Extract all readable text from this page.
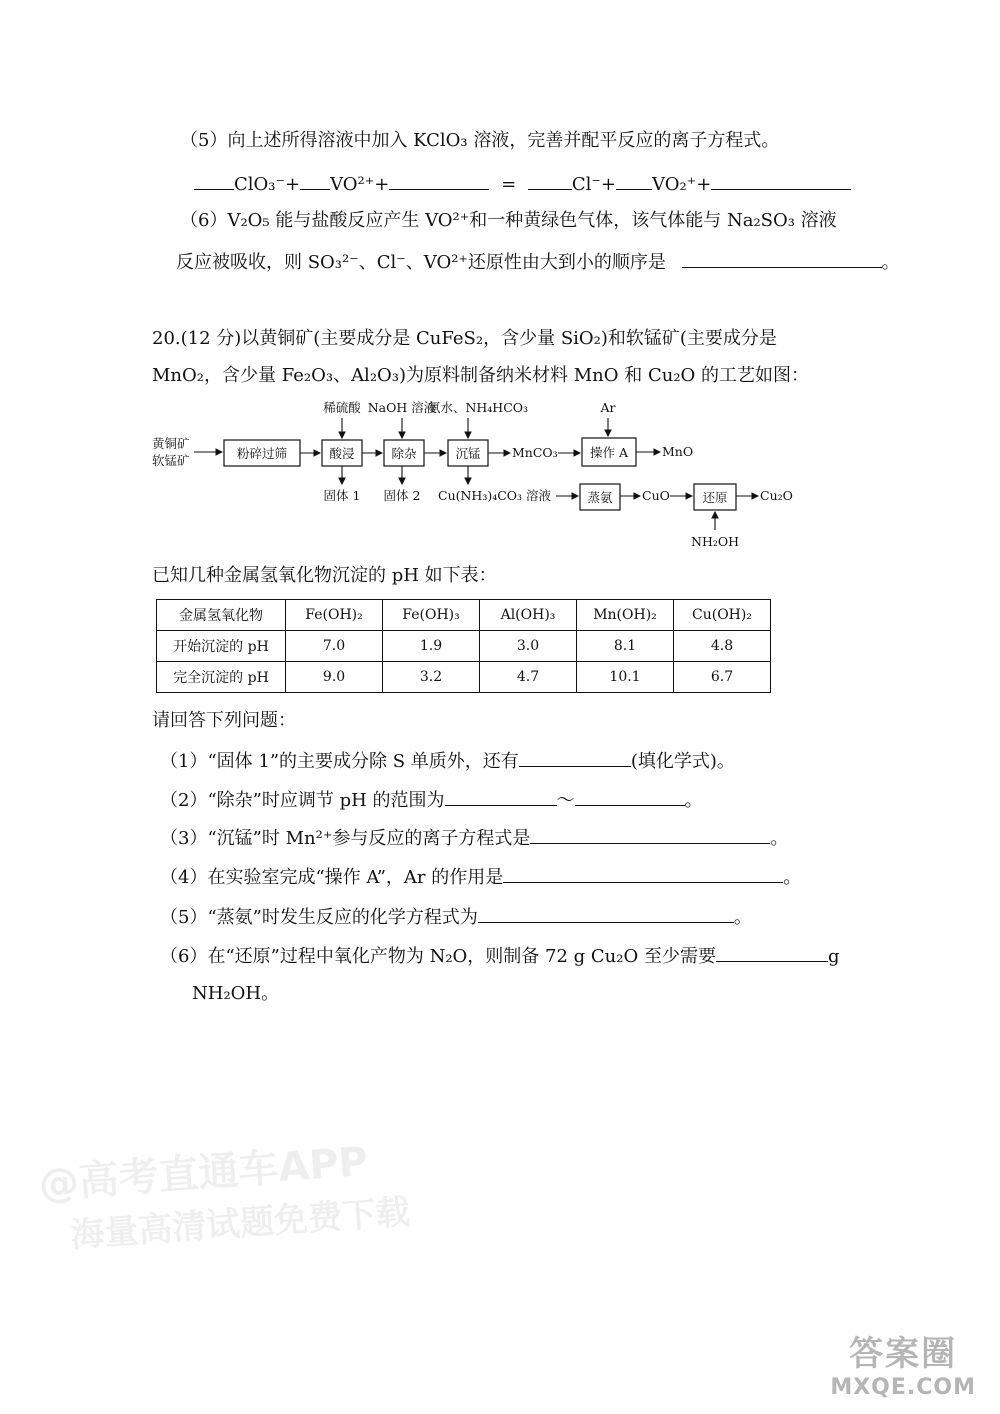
（5）向上述所得溶液中加入 KClO₃ 溶液，完善并配平反应的离子方程式。
ClO₃⁻+ VO²⁺+	=	Cl⁻+ VO₂⁺+
（6）V₂O₅ 能与盐酸反应产生 VO²⁺和一种黄绿色气体，该气体能与 Na₂SO₃ 溶液
反应被吸收，则 SO₃²⁻、Cl⁻、VO²⁺还原性由大到小的顺序是	。
20.(12 分)以黄铜矿(主要成分是 CuFeS₂，含少量 SiO₂)和软锰矿(主要成分是
MnO₂，含少量 Fe₂O₃、Al₂O₃)为原料制备纳米材料 MnO 和 Cu₂O 的工艺如图：
黄铜矿
软锰矿	粉碎过筛
稀硫酸
酸浸
固体 1
NaOH 溶液
除杂
固体 2
氨水、NH₄HCO₃
沉锰	MnCO₃
Ar
操作 A	MnO
Cu(NH₃)₄CO₃ 溶液	蒸氨 CuO	还原	Cu₂O
NH₂OH
已知几种金属氢氧化物沉淀的 pH 如下表：
金属氢氧化物	Fe(OH)₂	Fe(OH)₃	Al(OH)₃	Mn(OH)₂	Cu(OH)₂
开始沉淀的 pH	7.0	1.9	3.0	8.1	4.8
完全沉淀的 pH	9.0	3.2	4.7	10.1	6.7
请回答下列问题：
（1）“固体 1”的主要成分除 S 单质外，还有	(填化学式)。
（2）“除杂”时应调节 pH 的范围为	～	。
（3）“沉锰”时 Mn²⁺参与反应的离子方程式是	。
（4）在实验室完成“操作 A”，Ar 的作用是	。
（5）“蒸氨”时发生反应的化学方程式为	。
（6）在“还原”过程中氧化产物为 N₂O，则制备 72 g Cu₂O 至少需要	g
NH₂OH。
@高考直通车APP
海量高清试题免费下载
答案圈
MXQE.COM
